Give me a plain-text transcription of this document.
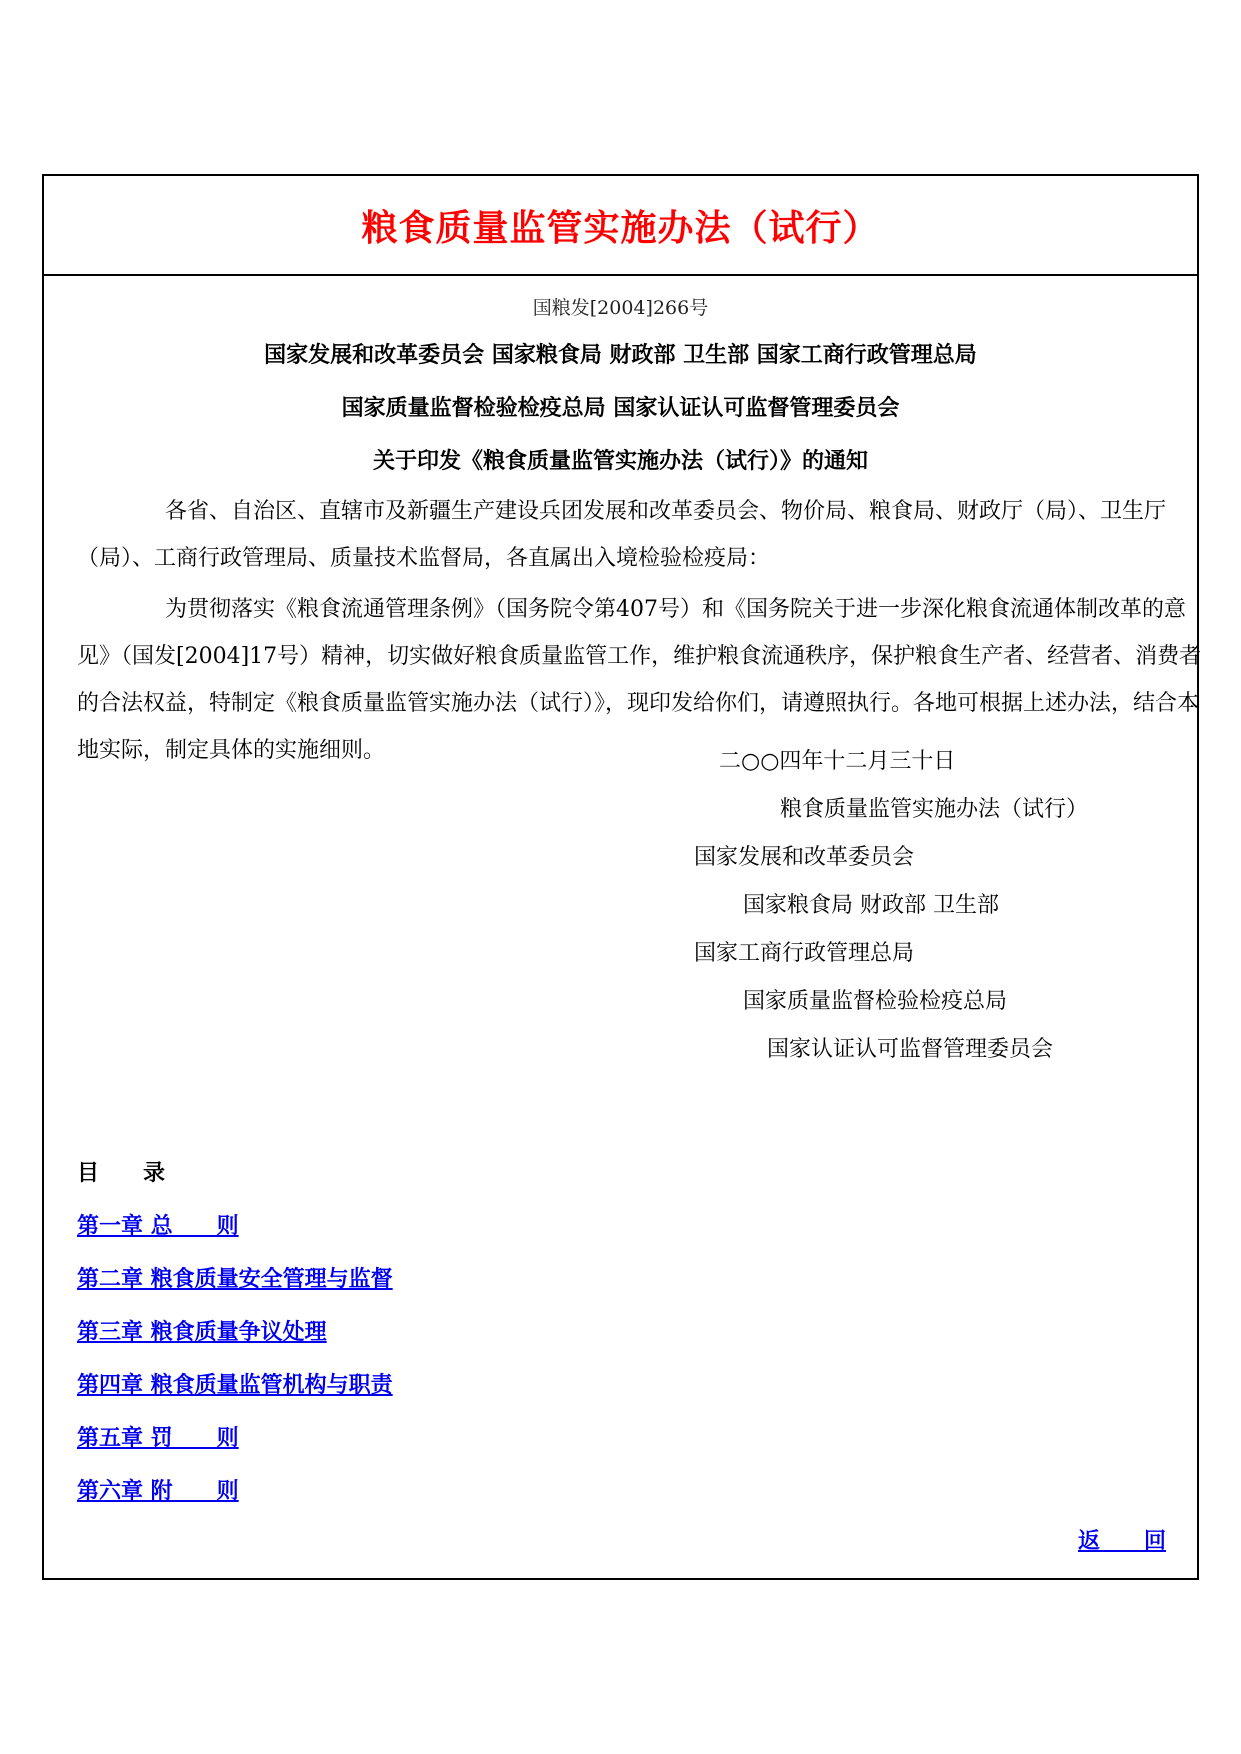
粮食质量监管实施办法（试行）
国粮发[2004]266号
国家发展和改革委员会 国家粮食局 财政部 卫生部 国家工商行政管理总局
国家质量监督检验检疫总局 国家认证认可监督管理委员会
关于印发《粮食质量监管实施办法（试行）》的通知

各省、自治区、直辖市及新疆生产建设兵团发展和改革委员会、物价局、粮食局、财政厅（局）、卫生厅（局）、工商行政管理局、质量技术监督局，各直属出入境检验检疫局：

为贯彻落实《粮食流通管理条例》（国务院令第407号）和《国务院关于进一步深化粮食流通体制改革的意见》（国发[2004]17号）精神，切实做好粮食质量监管工作，维护粮食流通秩序，保护粮食生产者、经营者、消费者的合法权益，特制定《粮食质量监管实施办法（试行）》，现印发给你们，请遵照执行。各地可根据上述办法，结合本地实际，制定具体的实施细则。	二○○四年十二月三十日
粮食质量监管实施办法（试行）
国家发展和改革委员会
国家粮食局 财政部 卫生部
国家工商行政管理总局
国家质量监督检验检疫总局
国家认证认可监督管理委员会
目　　录
第一章 总　　则
第二章 粮食质量安全管理与监督
第三章 粮食质量争议处理
第四章 粮食质量监管机构与职责
第五章 罚　　则
第六章 附　　则
返　　回
